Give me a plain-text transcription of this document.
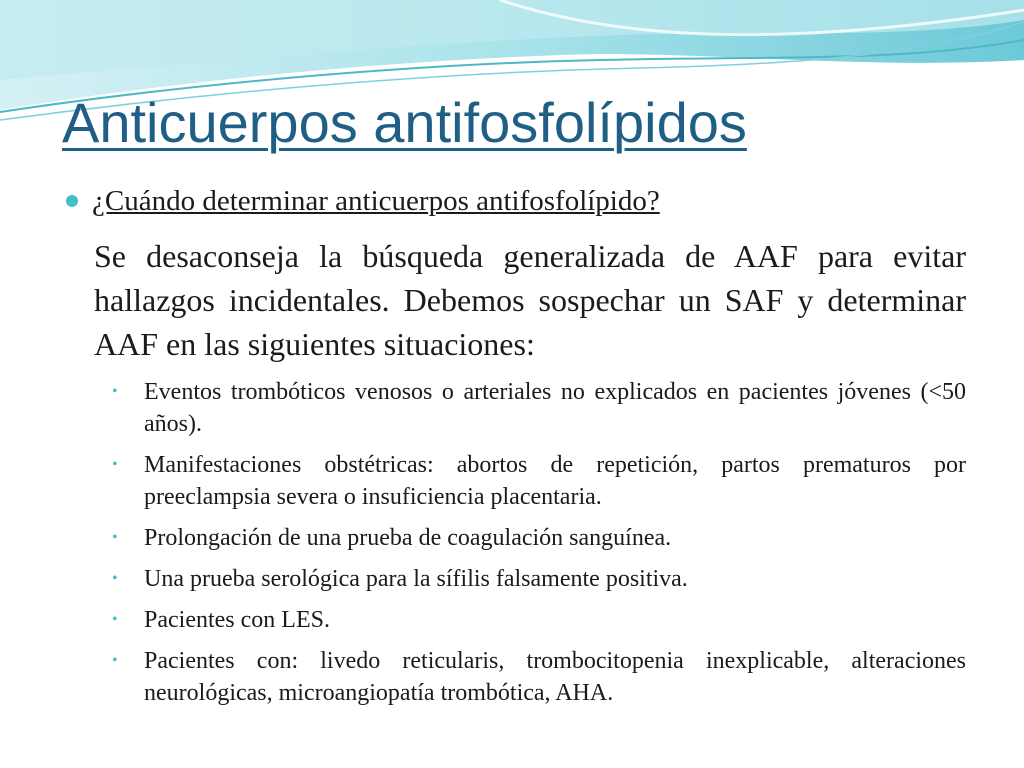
Anticuerpos antifosfolípidos
¿Cuándo determinar anticuerpos antifosfolípido?

Se desaconseja la búsqueda generalizada de AAF para evitar hallazgos incidentales. Debemos sospechar un SAF y determinar AAF en las siguientes situaciones:

•	Eventos trombóticos venosos o arteriales no explicados en pacientes jóvenes (<50 años).
•	Manifestaciones obstétricas: abortos de repetición, partos prematuros por preeclampsia severa o insuficiencia placentaria.
•	Prolongación de una prueba de coagulación sanguínea.
•	Una prueba serológica para la sífilis falsamente positiva.
•	Pacientes con LES.
•	Pacientes con: livedo reticularis, trombocitopenia inexplicable, alteraciones neurológicas, microangiopatía trombótica, AHA.
